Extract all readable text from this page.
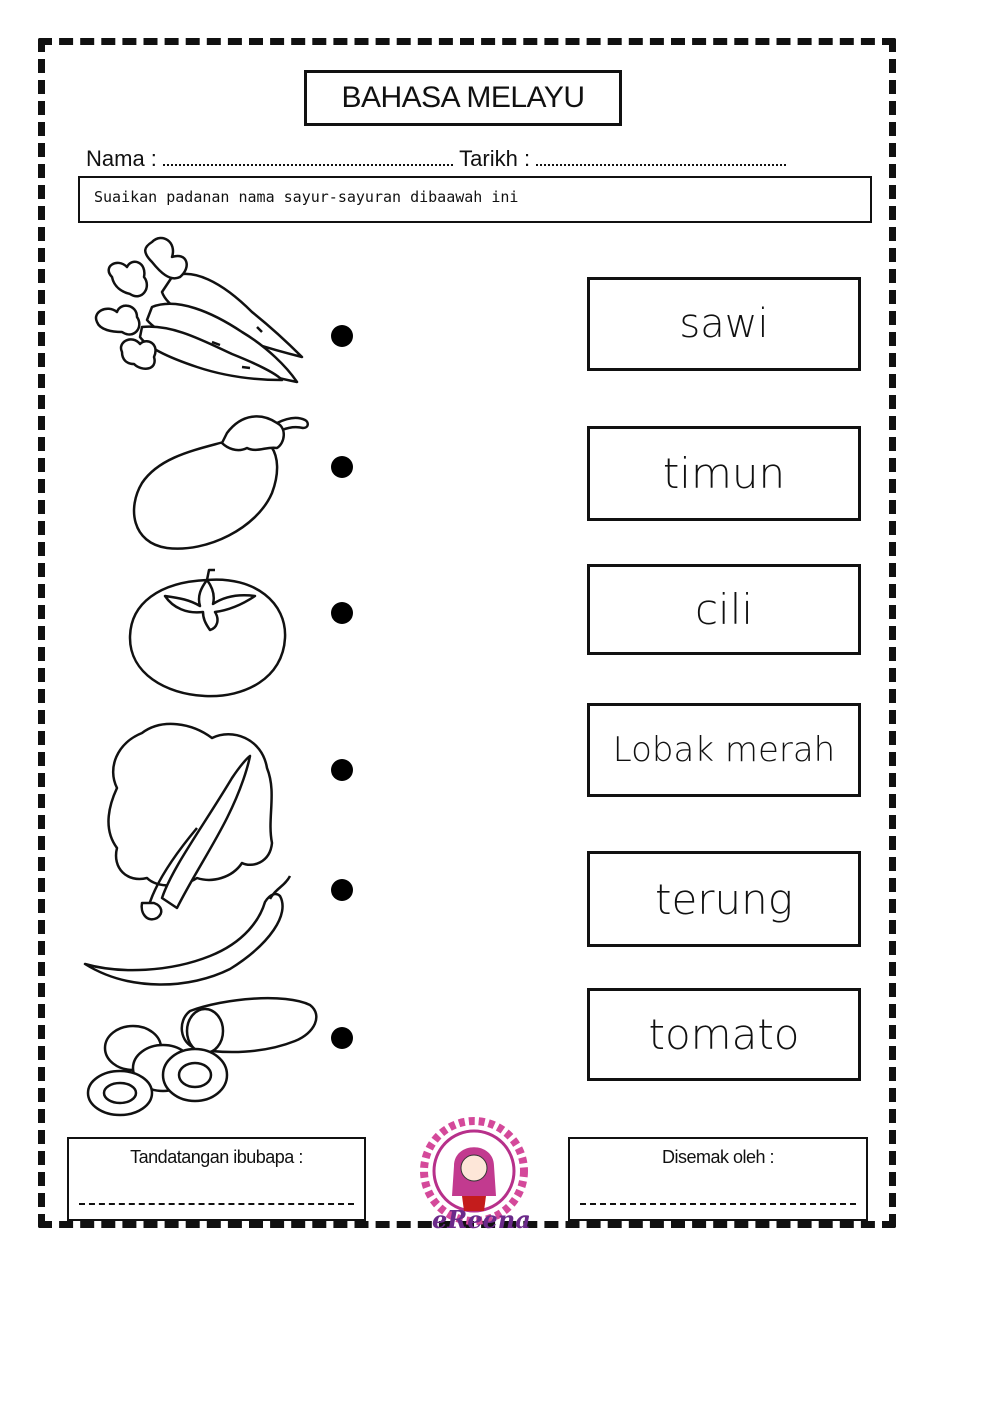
BAHASA MELAYU
Nama :	Tarikh :
Suaikan padanan nama sayur-sayuran dibaawah ini
sawi
timun
cili
Lobak merah
terung
tomato
Tandatangan ibubapa :
eReena
Disemak oleh :
